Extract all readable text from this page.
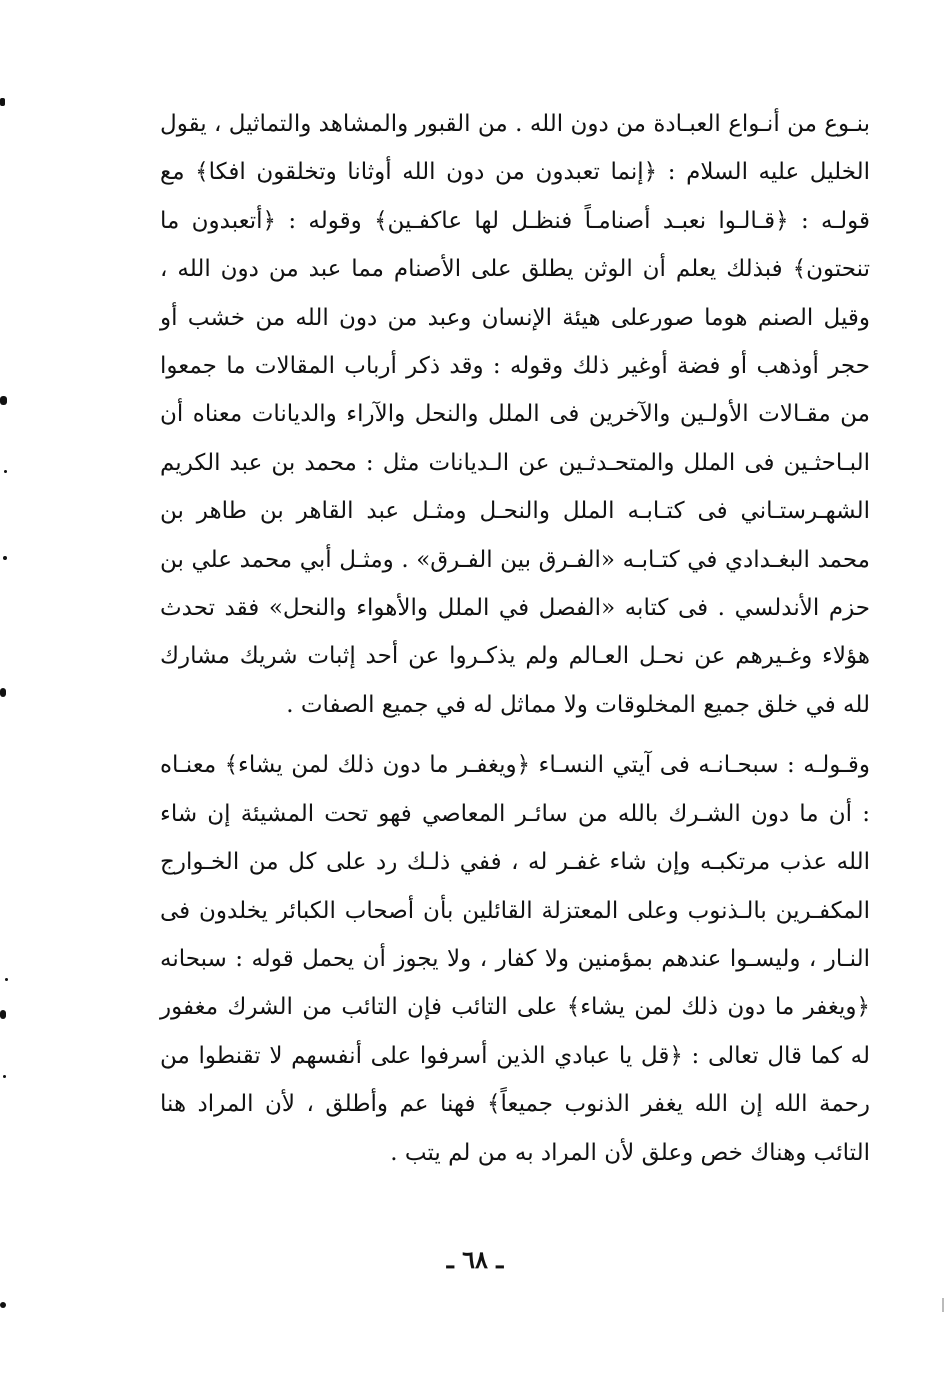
بنـوع من أنـواع العبـادة من دون الله . من القبور والمشاهد والتماثيل ، يقول الخليل عليه السلام : ﴿إنما تعبدون من دون الله أوثانا وتخلقون افكا﴾ مع قولـه : ﴿قـالـوا نعبـد أصنامـاً فنظـل لها عاكفـين﴾ وقوله : ﴿أتعبدون ما تنحتون﴾ فبذلك يعلم أن الوثن يطلق على الأصنام مما عبد من دون الله ، وقيل الصنم هوما صورعلى هيئة الإنسان وعبد من دون الله من خشب أو حجر أوذهب أو فضة أوغير ذلك وقوله : وقد ذكر أرباب المقالات ما جمعوا من مقـالات الأولـين والآخرين فى الملل والنحل والآراء والديانات معناه أن البـاحثـين فى الملل والمتحـدثـين عن الـديانات مثل : محمد بن عبد الكريم الشهـرستـاني فى كتـابـه الملل والنحـل ومثـل عبد القاهر بن طاهر بن محمد البغـدادي في كتـابـه «الفـرق بين الفـرق» . ومثـل أبي محمد علي بن حزم الأندلسي . فى كتابه «الفصل في الملل والأهواء والنحل» فقد تحدث هؤلاء وغـيرهم عن نحـل العـالم ولم يذكـروا عن أحد إثبات شريك مشارك لله في خلق جميع المخلوقات ولا مماثل له في جميع الصفات .

وقـولـه : سبحـانـه فى آيتي النسـاء ﴿ويغفـر ما دون ذلك لمن يشاء﴾ معنـاه : أن ما دون الشـرك بالله من سائـر المعاصي فهو تحت المشيئة إن شاء الله عذب مرتكبـه وإن شاء غفـر له ، ففي ذلـك رد على كل من الخـوارج المكفـرين بالـذنوب وعلى المعتزلة القائلين بأن أصحاب الكبائر يخلدون فى النـار ، وليسـوا عندهم بمؤمنين ولا كفار ، ولا يجوز أن يحمل قوله : سبحانه ﴿ويغفر ما دون ذلك لمن يشاء﴾ على التائب فإن التائب من الشرك مغفور له كما قال تعالى : ﴿قل يا عبادي الذين أسرفوا على أنفسهم لا تقنطوا من رحمة الله إن الله يغفر الذنوب جميعاً﴾ فهنا عم وأطلق ، لأن المراد هنا التائب وهناك خص وعلق لأن المراد به من لم يتب .

ـ ٦٨ ـ
